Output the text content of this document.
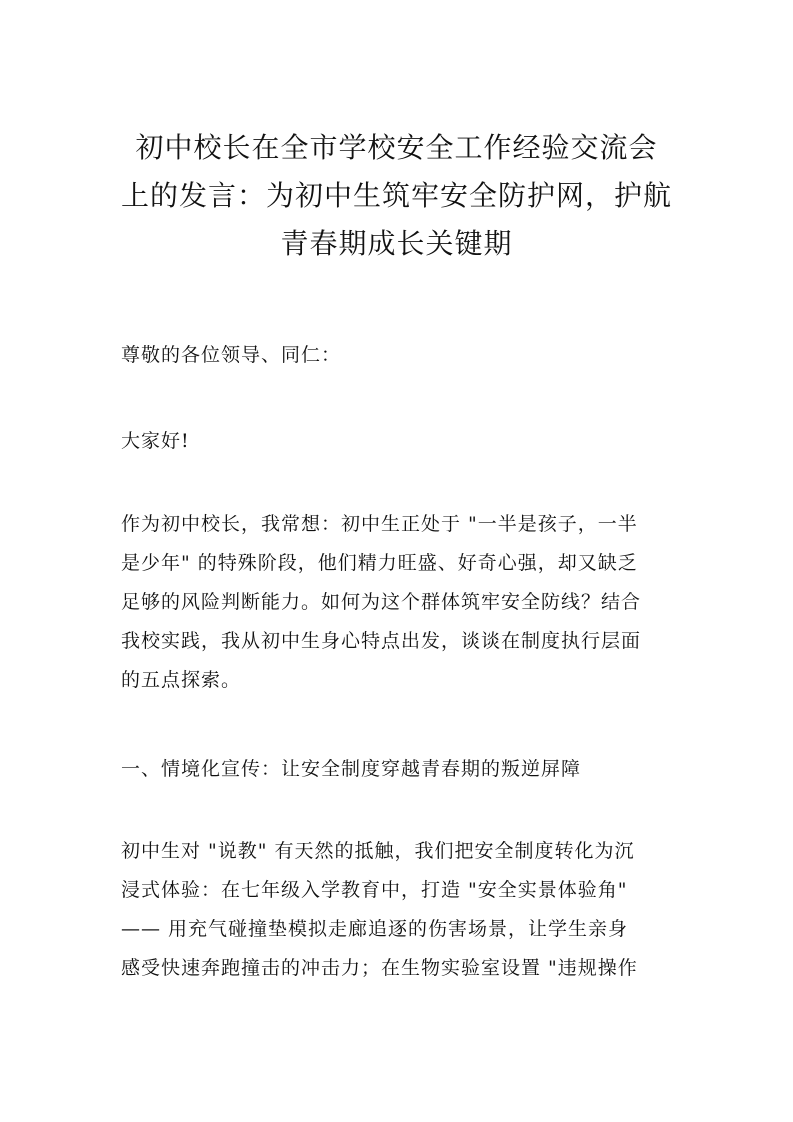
初中校长在全市学校安全工作经验交流会
上的发言：为初中生筑牢安全防护网，护航
青春期成长关键期

尊敬的各位领导、同仁：

大家好!

作为初中校长，我常想：初中生正处于 "一半是孩子，一半
是少年" 的特殊阶段，他们精力旺盛、好奇心强，却又缺乏
足够的风险判断能力。如何为这个群体筑牢安全防线？结合
我校实践，我从初中生身心特点出发，谈谈在制度执行层面
的五点探索。

一、情境化宣传：让安全制度穿越青春期的叛逆屏障

初中生对 "说教" 有天然的抵触，我们把安全制度转化为沉
浸式体验：在七年级入学教育中，打造 "安全实景体验角"
—— 用充气碰撞垫模拟走廊追逐的伤害场景，让学生亲身
感受快速奔跑撞击的冲击力；在生物实验室设置 "违规操作
